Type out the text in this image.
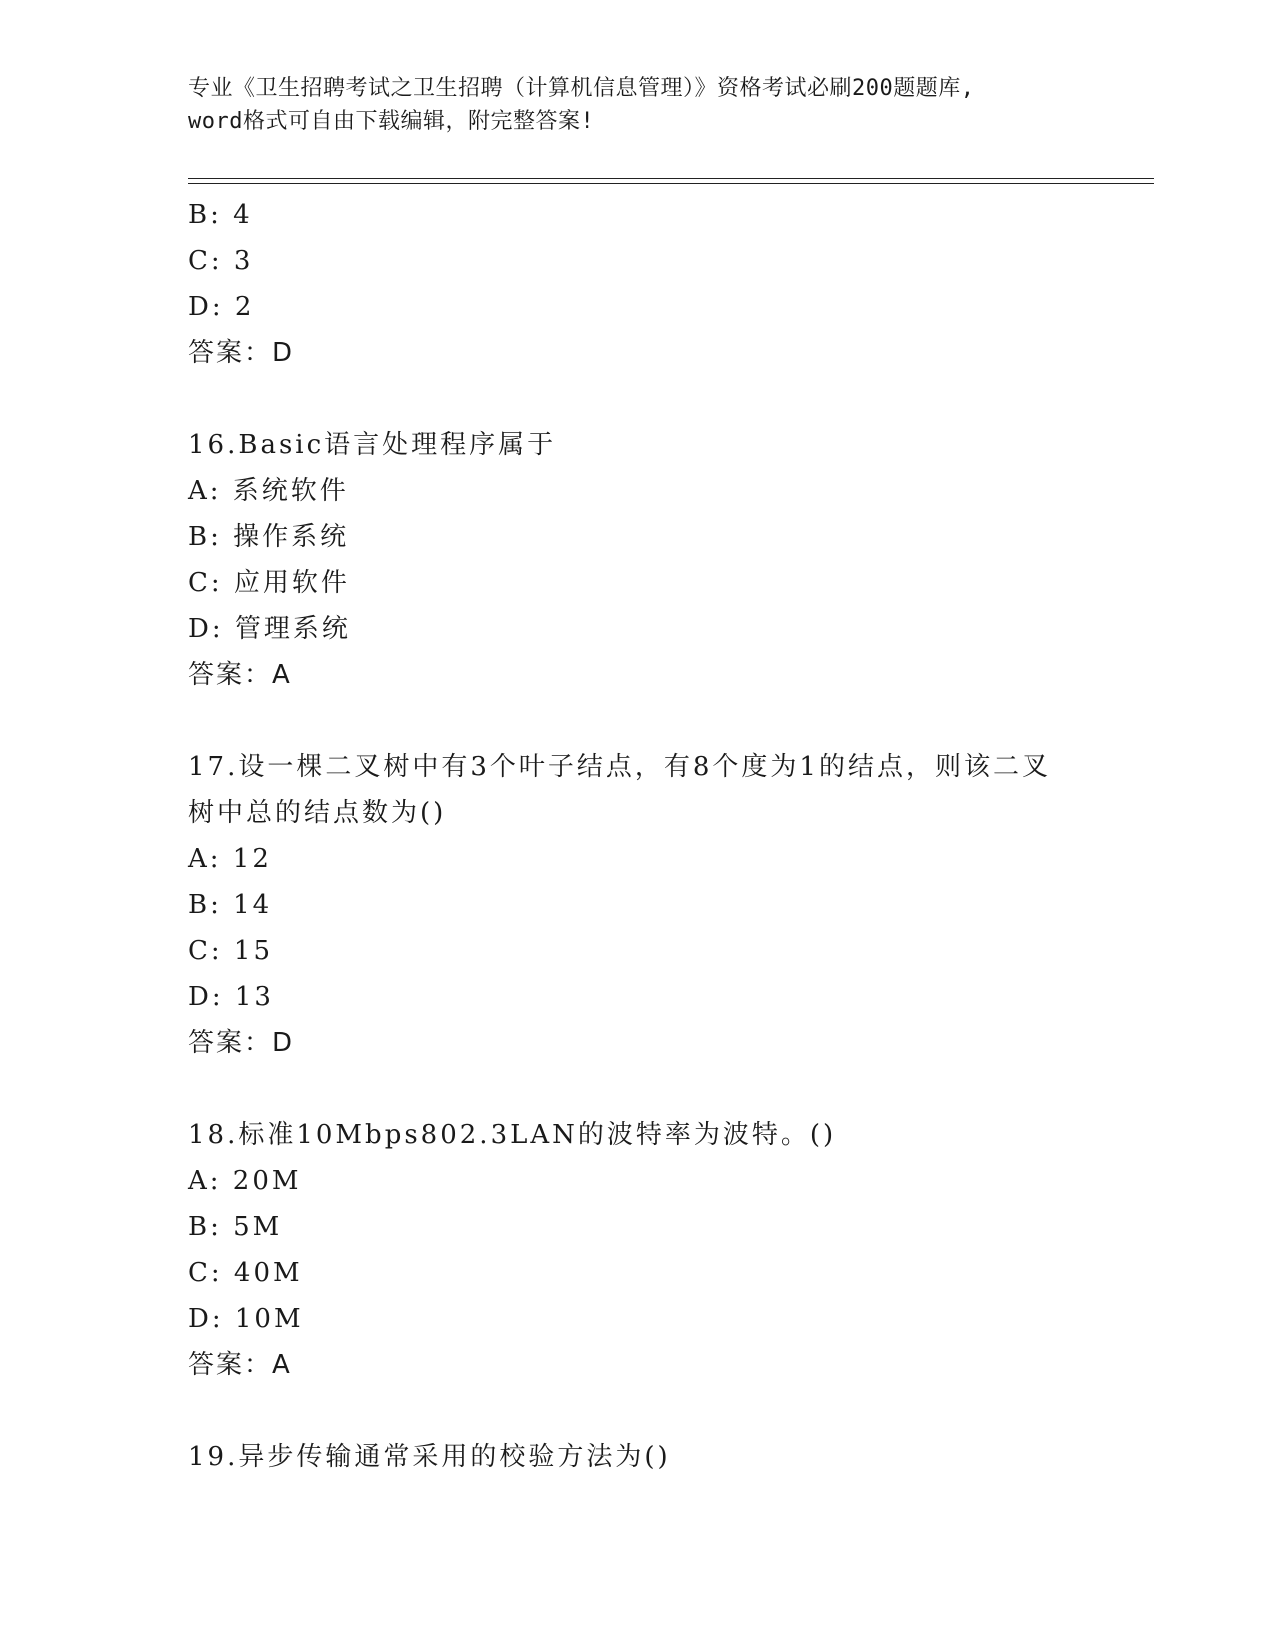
专业《卫生招聘考试之卫生招聘（计算机信息管理）》资格考试必刷200题题库,
word格式可自由下载编辑，附完整答案!
B: 4
C: 3
D: 2
答案：D
16.Basic语言处理程序属于
A: 系统软件
B: 操作系统
C: 应用软件
D: 管理系统
答案：A
17.设一棵二叉树中有3个叶子结点，有8个度为1的结点，则该二叉
树中总的结点数为()
A: 12
B: 14
C: 15
D: 13
答案：D
18.标准10Mbps802.3LAN的波特率为波特。()
A: 20M
B: 5M
C: 40M
D: 10M
答案：A
19.异步传输通常采用的校验方法为()
